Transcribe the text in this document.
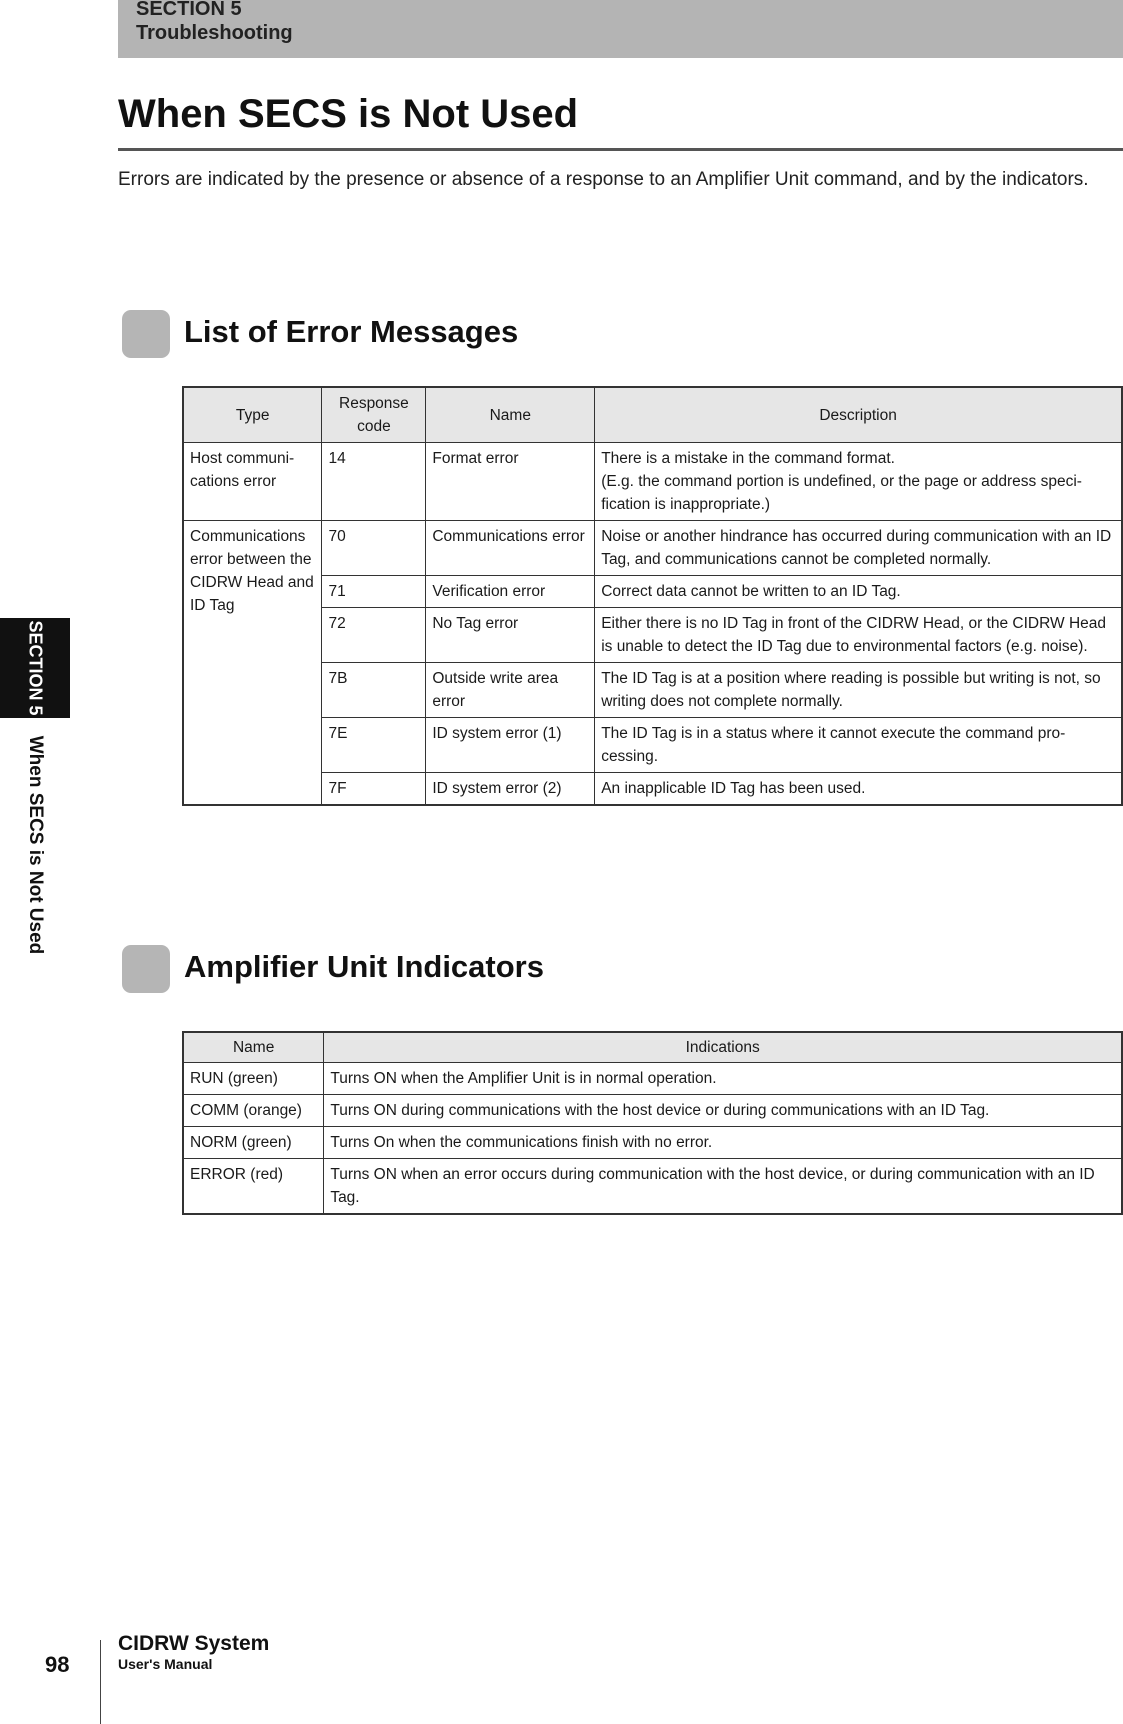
SECTION 5
Troubleshooting
When SECS is Not Used

Errors are indicated by the presence or absence of a response to an Amplifier Unit command, and by the indicators.

List of Error Messages
Type	Response code	Name	Description
Host communi-cations error	14	Format error	There is a mistake in the command format.
(E.g. the command portion is undefined, or the page or address speci-fication is inappropriate.)
Communications error between the CIDRW Head and ID Tag	70	Communications error	Noise or another hindrance has occurred during communication with an ID Tag, and communications cannot be completed normally.
	71	Verification error	Correct data cannot be written to an ID Tag.
	72	No Tag error	Either there is no ID Tag in front of the CIDRW Head, or the CIDRW Head is unable to detect the ID Tag due to environmental factors (e.g. noise).
	7B	Outside write area error	The ID Tag is at a position where reading is possible but writing is not, so writing does not complete normally.
	7E	ID system error (1)	The ID Tag is in a status where it cannot execute the command pro-cessing.
	7F	ID system error (2)	An inapplicable ID Tag has been used.
Amplifier Unit Indicators
Name	Indications
RUN (green)	Turns ON when the Amplifier Unit is in normal operation.
COMM (orange)	Turns ON during communications with the host device or during communications with an ID Tag.
NORM (green)	Turns On when the communications finish with no error.
ERROR (red)	Turns ON when an error occurs during communication with the host device, or during communication with an ID Tag.
SECTION 5
When SECS is Not Used
98
CIDRW System
User's Manual
